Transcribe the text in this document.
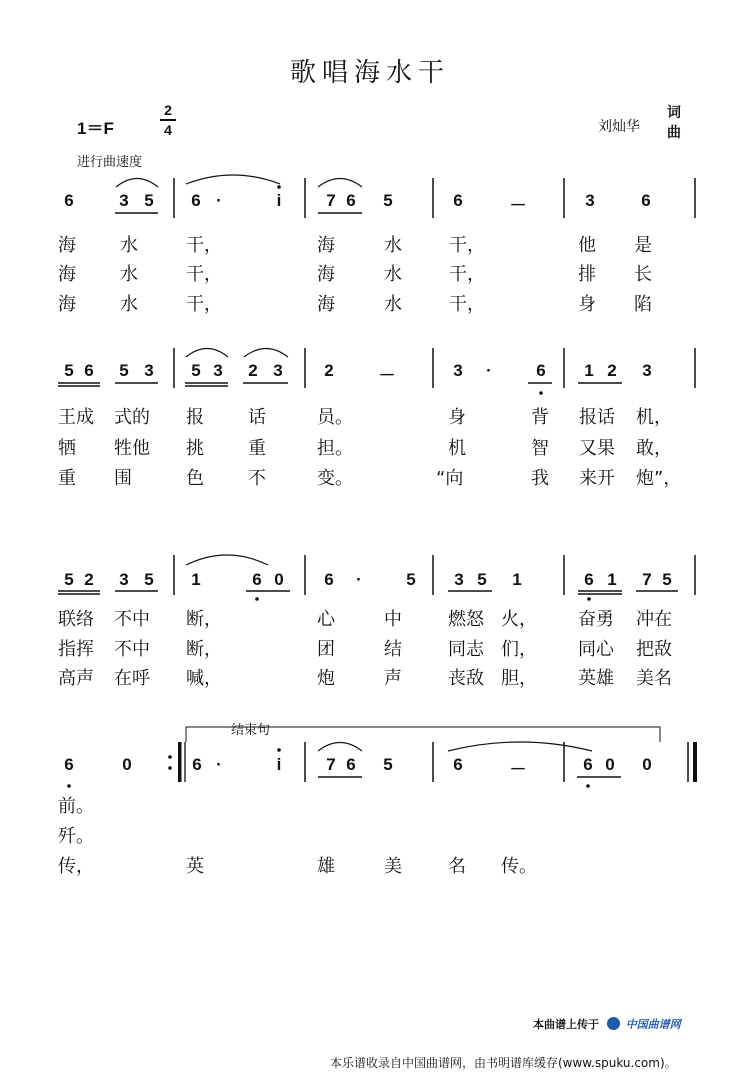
歌唱海水干
1＝F
2
4	刘灿华
词
曲
进行曲速度
6	3 5	6 ·	i	7 6	5	6	－	3	6
海 水	干，	海	水	干，	他 是
海 水	干，	海	水	干，	排 长
海 水	干，	海	水	干，	身 陷
5 6	5 3	5 3	2 3	2	－	3	·	6	1 2	3
王成 式的 报 话	员。	身	背 报话 机，
牺 牲他 挑 重	担。	机	智 又果 敢，
重 围	色 不	变。	“向	我 来开 炮”，
5 2	3 5	1	6 0	6	·	5	3 5	1	6 1	7 5
联络 不中 断，	心	中	燃怒 火， 奋勇 冲在
指挥 不中 断，	团	结	同志 们， 同心 把敌
高声 在呼 喊，	炮	声	丧敌 胆， 英雄 美名
结束句
6	0	6 ·	i	7 6	5	6	－	6 0	0
前。
歼。
传，	英	雄	美	名 传。
本曲谱上传于 中国曲谱网
本乐谱收录自中国曲谱网，由书明谱库缓存(www.spuku.com)。
